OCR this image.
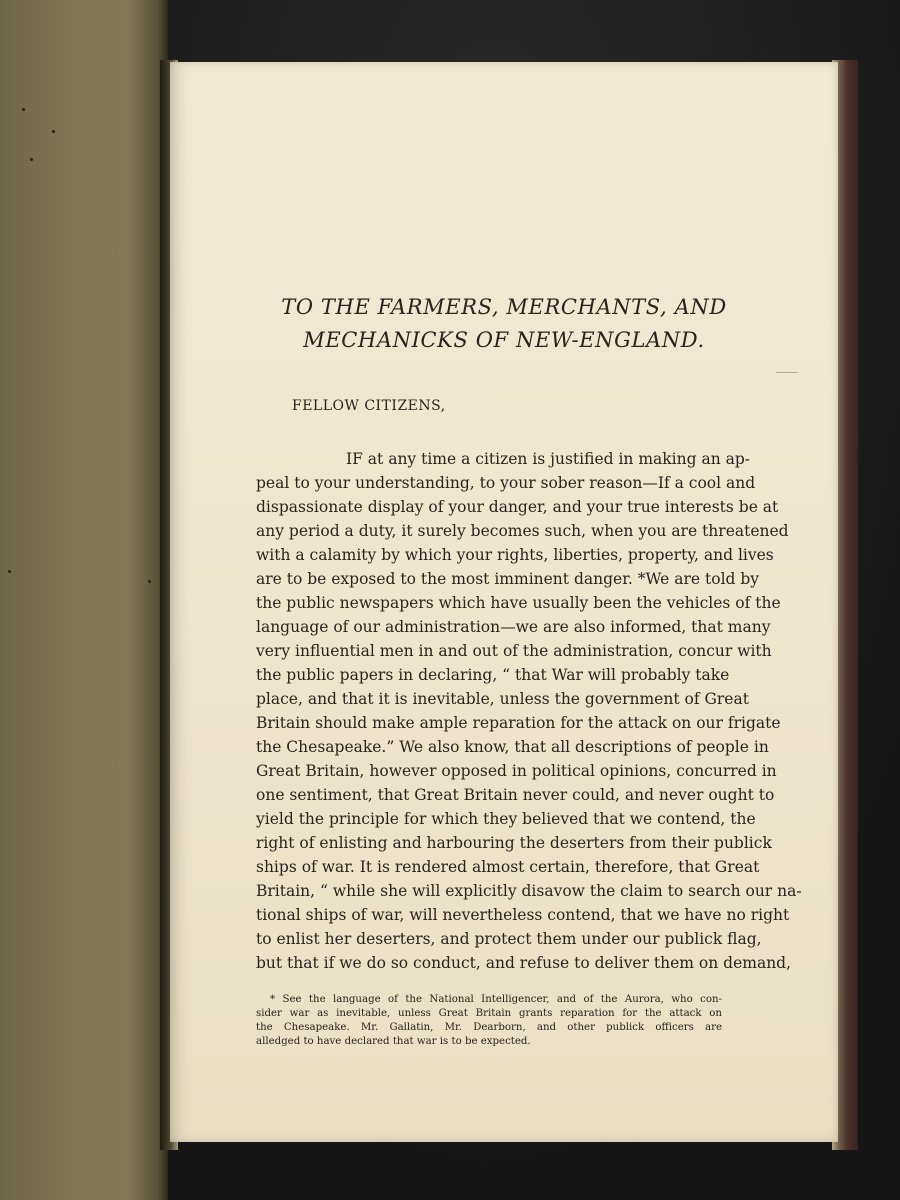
TO THE FARMERS, MERCHANTS, AND
MECHANICKS OF NEW-ENGLAND.
FELLOW CITIZENS,
IF at any time a citizen is justified in making an ap-
peal to your understanding, to your sober reason—If a cool and
dispassionate display of your danger, and your true interests be at
any period a duty, it surely becomes such, when you are threatened
with a calamity by which your rights, liberties, property, and lives
are to be exposed to the most imminent danger. *We are told by
the public newspapers which have usually been the vehicles of the
language of our administration—we are also informed, that many
very influential men in and out of the administration, concur with
the public papers in declaring, “ that War will probably take
place, and that it is inevitable, unless the government of Great
Britain should make ample reparation for the attack on our frigate
the Chesapeake.” We also know, that all descriptions of people in
Great Britain, however opposed in political opinions, concurred in
one sentiment, that Great Britain never could, and never ought to
yield the principle for which they believed that we contend, the
right of enlisting and harbouring the deserters from their publick
ships of war. It is rendered almost certain, therefore, that Great
Britain, “ while she will explicitly disavow the claim to search our na-
tional ships of war, will nevertheless contend, that we have no right
to enlist her deserters, and protect them under our publick flag,
but that if we do so conduct, and refuse to deliver them on demand,
* See the language of the National Intelligencer, and of the Aurora, who con-
sider war as inevitable, unless Great Britain grants reparation for the attack on
the Chesapeake. Mr. Gallatin, Mr. Dearborn, and other publick officers are
alledged to have declared that war is to be expected.
